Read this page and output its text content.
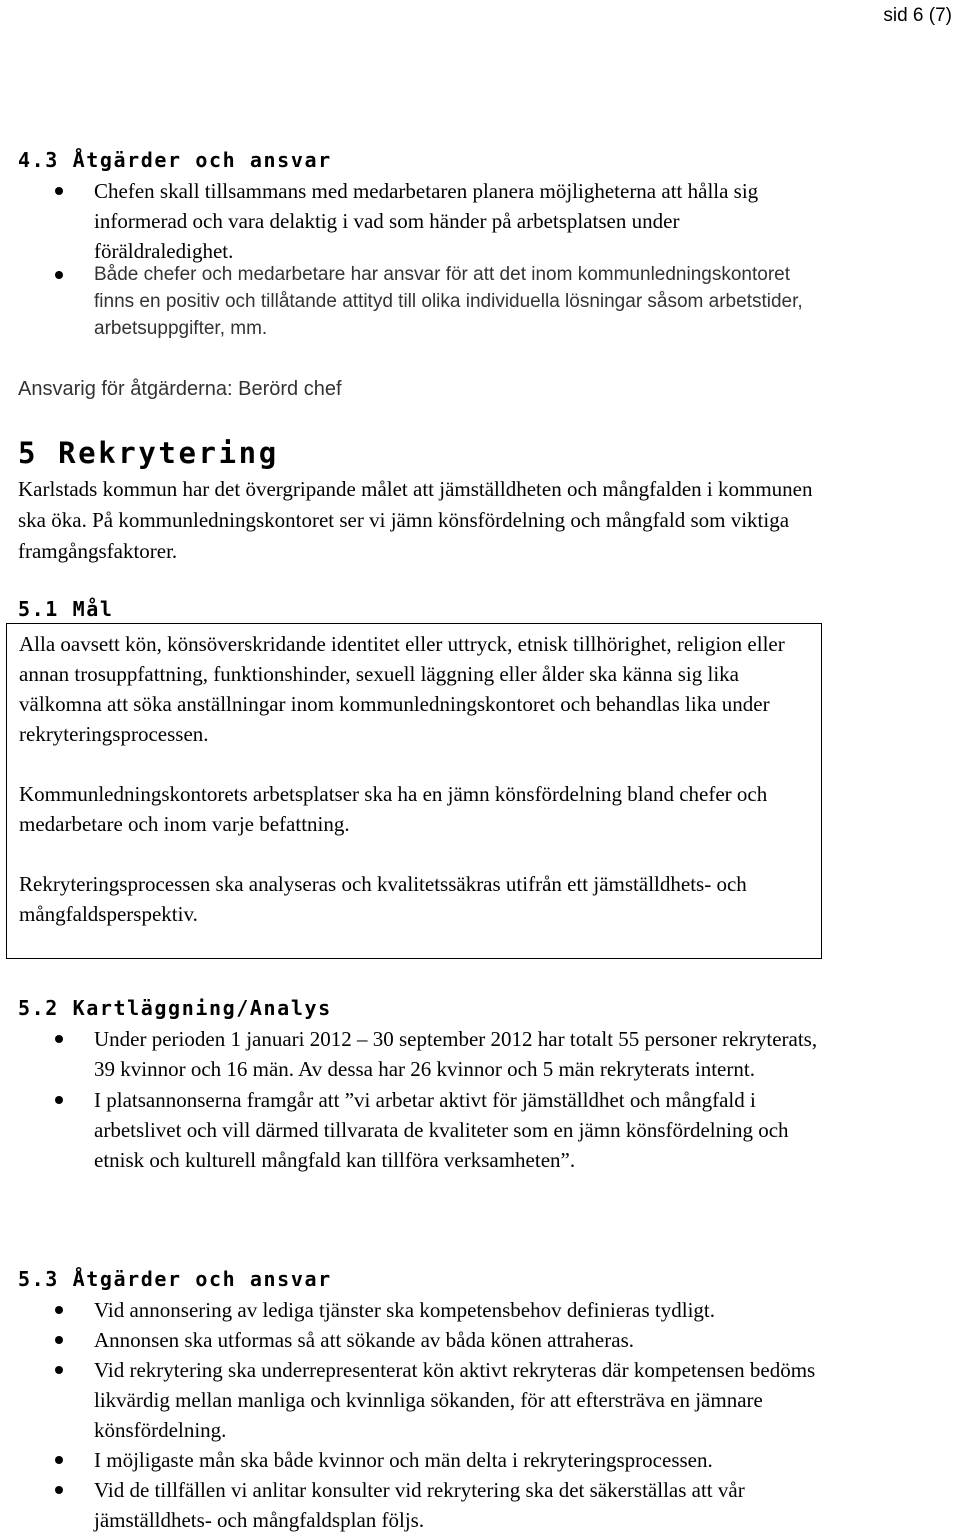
sid 6 (7)
4.3 Åtgärder och ansvar
Chefen skall tillsammans med medarbetaren planera möjligheterna att hålla sig informerad och vara delaktig i vad som händer på arbetsplatsen under föräldraledighet.
Både chefer och medarbetare har ansvar för att det inom kommunledningskontoret finns en positiv och tillåtande attityd till olika individuella lösningar såsom arbetstider, arbetsuppgifter, mm.
Ansvarig för åtgärderna: Berörd chef
5 Rekrytering
Karlstads kommun har det övergripande målet att jämställdheten och mångfalden i kommunen ska öka. På kommunledningskontoret ser vi jämn könsfördelning och mångfald som viktiga framgångsfaktorer.
5.1 Mål

Alla oavsett kön, könsöverskridande identitet eller uttryck, etnisk tillhörighet, religion eller annan trosuppfattning, funktionshinder, sexuell läggning eller ålder ska känna sig lika välkomna att söka anställningar inom kommunledningskontoret och behandlas lika under rekryteringsprocessen.

Kommunledningskontorets arbetsplatser ska ha en jämn könsfördelning bland chefer och medarbetare och inom varje befattning.

Rekryteringsprocessen ska analyseras och kvalitetssäkras utifrån ett jämställdhets- och mångfaldsperspektiv.

5.2 Kartläggning/Analys
Under perioden 1 januari 2012 – 30 september 2012 har totalt 55 personer rekryterats, 39 kvinnor och 16 män. Av dessa har 26 kvinnor och 5 män rekryterats internt.
I platsannonserna framgår att ”vi arbetar aktivt för jämställdhet och mångfald i arbetslivet och vill därmed tillvarata de kvaliteter som en jämn könsfördelning och etnisk och kulturell mångfald kan tillföra verksamheten”.
5.3 Åtgärder och ansvar
Vid annonsering av lediga tjänster ska kompetensbehov definieras tydligt.
Annonsen ska utformas så att sökande av båda könen attraheras.
Vid rekrytering ska underrepresenterat kön aktivt rekryteras där kompetensen bedöms likvärdig mellan manliga och kvinnliga sökanden, för att eftersträva en jämnare könsfördelning.
I möjligaste mån ska både kvinnor och män delta i rekryteringsprocessen.
Vid de tillfällen vi anlitar konsulter vid rekrytering ska det säkerställas att vår jämställdhets- och mångfaldsplan följs.
